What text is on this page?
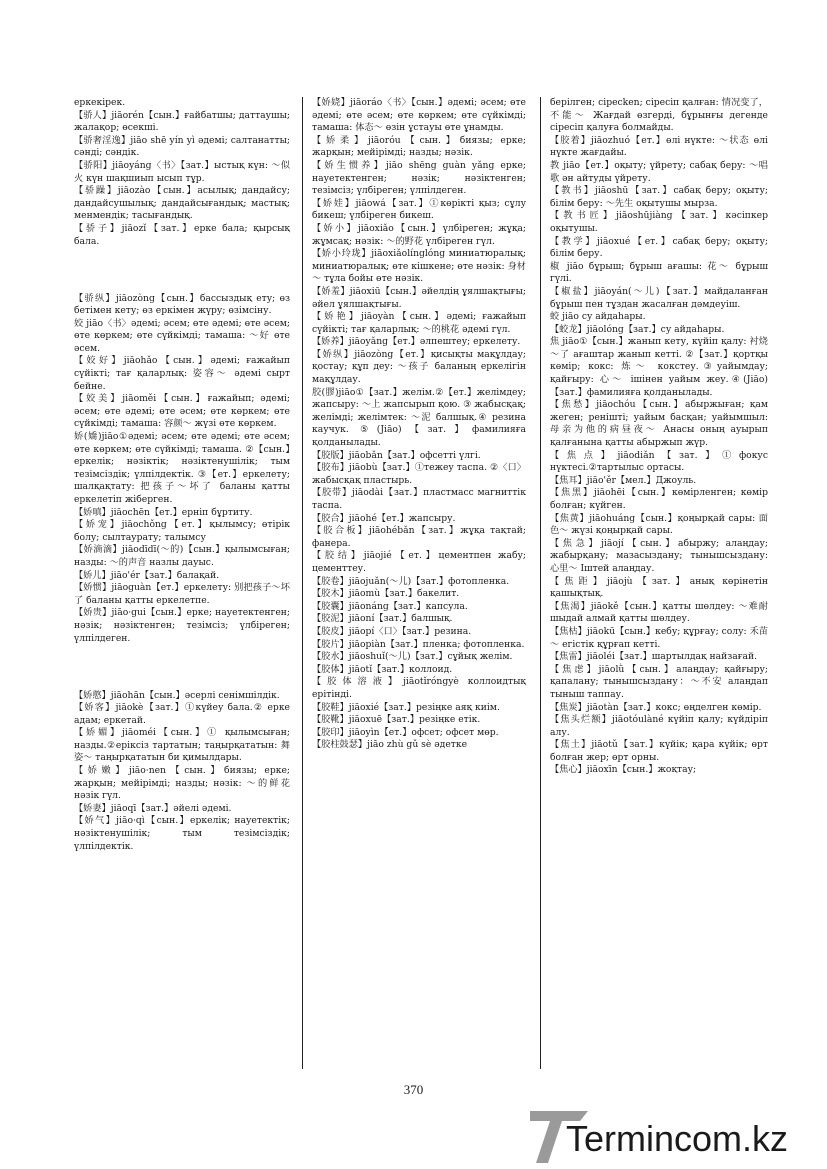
еркекірек.

【骄人】jiāorén【сын.】ғайбатшы; даттаушы; жалақор; өсекші.

【骄奢淫逸】jiāo shē yín yì әдемі; салтанатты; сәнді; сәндік.

【骄阳】jiāoyáng〈书〉【зат.】ыстық күн: ～似火 күн шақшиып ысып тұр.

【骄躁】jiāozào【сын.】асылық; дандайсу; дандайсушылық; дандайсығандық; мастық; менмендік; тасығандық.

【骄子】jiāozǐ【зат.】ерке бала; қырсық бала.

【骄纵】jiāozòng【сын.】бассыздық ету; өз бетімен кету; өз еркімен жүру; өзімсіну.

姣 jiāo〈书〉әдемі; әсем; өте әдемі; өте әсем; өте көркем; өте сүйкімді; тамаша: ～好 өте әсем.

【姣好】jiāohǎo【сын.】әдемі; ғажайып сүйікті; тағ қаларлық: 姿容～ әдемі сырт бейне.

【姣美】jiāoměi【сын.】ғажайып; әдемі; әсем; өте әдемі; өте әсем; өте көркем; өте сүйкімді; тамаша: 容颜～ жүзі өте көркем.

娇(嬌)jiāo①әдемі; әсем; өте әдемі; өте әсем; өте көркем; өте сүйкімді; тамаша. ②【сын.】еркелік; нәзіктік; нәзіктенушілік; тым тезімсіздік; үлпілдектік. ③【ет.】еркелету; шалқақтату: 把孩子～坏了 баланы қатты еркелетіп жіберген.

【娇嗔】jiāochēn【ет.】ерніп бұртиту.

【娇宠】jiāochǒng【ет.】қылымсу; өтірік болу; сылтаурату; талымсу

【娇滴滴】jiāodīdī(～的)【сын.】қылымсыған; назды: ～的声音 назлы дауыс.

【娇儿】jiāo'ér【зат.】балақай.

【娇惯】jiāoguàn【ет.】еркелету: 别把孩子～坏了 баланы қатты еркелетпе.

【娇贵】jiāo·gui【сын.】ерке; науетектенген; нәзік; нәзіктенген; тезімсіз; үлбіреген; үлпілдеген.

【娇憨】jiāohān【сын.】әсерлі сенімшілдік.

【娇客】jiāokè【зат.】①күйеу бала.② ерке адам; еркетай.

【娇媚】jiāoméi【сын.】① қылымсыған; назды.②еріксіз тартатын; таңырқататын: 舞姿～ таңырқататын би қимылдары.

【娇嫩】jiāo·nen【сын.】биязы; ерке; жарқын; мейірімді; назды; нәзік: ～的鲜花 нәзік гүл.

【娇妻】jiāoqī【зат.】әйелі әдемі.

【娇气】jiāo·qì【сын.】еркелік; науетектік; нәзіктенушілік; тым тезімсіздік; үлпілдектік.

【娇娆】jiāoráo〈书〉【сын.】әдемі; әсем; өте әдемі; өте әсем; өте көркем; өте сүйкімді; тамаша: 体态～ өзін ұстауы өте ұнамды.

【娇柔】jiāoróu【сын.】биязы; ерке; жарқын; мейірімді; назды; нәзік.

【娇生惯养】jiāo shēng guàn yǎng ерке; науетектенген; нәзік; нәзіктенген; тезімсіз; үлбіреген; үлпілдеген.

【娇娃】jiāowá【зат.】①көрікті қыз; сұлу бикеш; үлбіреген бикеш.

【娇小】jiāoxiǎo【сын.】үлбіреген; жұқа; жұмсақ; нәзік: ～的野花 үлбіреген гүл.

【娇小玲珑】jiāoxiǎolínglóng миниатюралық; миниатюралық; өте кішкене; өте нәзік: 身材～ тұла бойы өте нәзік.

【娇羞】jiāoxiū【сын.】әйелдің ұялшақтығы; әйел ұялшақтығы.

【娇艳】jiāoyàn【сын.】әдемі; ғажайып сүйікті; тағ қаларлық: ～的桃花 әдемі гүл.

【娇养】jiāoyǎng【ет.】әлпештеу; еркелету.

【娇纵】jiāozòng【ет.】қисықты мақұлдау; қостау; құп деу: ～孩子 баланың еркелігін мақұлдау.

胶(膠)jiāo①【зат.】желім.②【ет.】желімдеу; жапсыру: ～上 жапсырып қою. ③ жабысқақ; желімді; желімтек: ～泥 балшық.④ резина каучук. ⑤(Jiāo)【зат.】фамилияға қолданылады.

【胶版】jiāobǎn【зат.】офсетті үлгі.

【胶布】jiāobù【зат.】①тежеу таспа. ②〈口〉жабысқақ пластырь.

【胶带】jiāodài【зат.】пластмасс магниттік таспа.

【胶合】jiāohé【ет.】жапсыру.

【胶合板】jiāohébǎn【зат.】жұқа тақтай; фанера.

【胶结】jiāojié【ет.】цементпен жабу; цементтеу.

【胶卷】jiāojuǎn(～儿)【зат.】фотопленка.

【胶木】jiāomù【зат.】бакелит.

【胶囊】jiāonáng【зат.】капсула.

【胶泥】jiāoní【зат.】балшық.

【胶皮】jiāopí〈口〉【зат.】резина.

【胶片】jiāopiàn【зат.】пленка; фотопленка.

【胶水】jiāoshuǐ(～儿)【зат.】сұйық желім.

【胶体】jiāotǐ【зат.】коллоид.

【胶体溶液】jiāotǐróngyè коллоидтық ерітінді.

【胶鞋】jiāoxié【зат.】резіңке аяқ киім.

【胶靴】jiāoxuē【зат.】резіңке етік.

【胶印】jiāoyìn【ет.】офсет; офсет мөр.

【胶柱鼓瑟】jiāo zhù gǔ sè әдетке

берілген; сіресken; сіресіп қалған: 情况变了，不能～ Жағдай өзгерді, бұрынғы дегенде сіресіп қалуға болмайды.

【胶着】jiāozhuó【ет.】өлі нүкте: ～状态 өлі нүкте жағдайы.

教 jiāo【ет.】оқыту; үйрету; сабақ беру: ～唱歌 ән айтуды үйрету.

【教书】jiāoshū【зат.】сабақ беру; оқыту; білім беру: ～先生 оқытушы мырза.

【教书匠】jiāoshūjiàng【зат.】кәсіпкер оқытушы.

【教学】jiāoxué【ет.】сабақ беру; оқыту; білім беру.

椒 jiāo бұрыш; бұрыш ағашы: 花～ бұрыш гүлі.

【椒盐】jiāoyán(～儿)【зат.】майдаланған бұрыш пен тұздан жасалған дәмдеуіш.

蛟 jiāo су айдаһары.

【蛟龙】jiāolóng【зат.】су айдаһары.

焦 jiāo①【сын.】жанып кету, күйіп қалу: 衬烧～了 ағаштар жанып кетті. ②【зат.】қортқы көмір; кокс: 炼～ кокстеу.③уайымдау; қайғыру: 心～ ішінен уайым жеу.④(Jiāo)【зат.】фамилияға қолданылады.

【焦愁】jiāochóu【сын.】абыржыған; қам жеген; реніштi; уайым басқан; уайымшыл: 母亲为他的病昼夜～ Анасы оның ауырып қалғанына қатты абыржып жүр.

【焦点】jiāodiǎn【зат.】①фокус нүктесі.②тартылыс ортасы.

【焦耳】jiāo'ěr【мел.】Джоуль.

【焦黑】jiāohēi【сын.】көмірленген; көмір болған; күйген.

【焦黄】jiāohuáng【сын.】қоңырқай сары: 面色～ жүзі қоңырқай сары.

【焦急】jiāojí【сын.】абыржу; алаңдау; жабырқану; мазасыздану; тынышсыздану: 心里～ Іштей алаңдау.

【焦距】jiāojù【зат.】анық көрінетін қашықтық.

【焦渴】jiāokě【сын.】қатты шөлдеу: ～难耐 шыдай алмай қатты шөлдеу.

【焦枯】jiāokū【сын.】кебу; құрғау; солу: 禾苗～ егістік құрғап кетті.

【焦雷】jiāoléi【зат.】шартылдақ найзағай.

【焦虑】jiāolǜ【сын.】алаңдау; қайғыру; қапалану; тынышсыздану：～不安 алаңдап тыныш таппау.

【焦炭】jiāotàn【зат.】кокс; өңделген көмір.

【焦头烂额】jiāotóulàné күйіп қалу; күйдіріп алу.

【焦土】jiāotǔ【зат.】күйік; қара күйік; өрт болған жер; өрт орны.

【焦心】jiāoxīn【сын.】жоқтау;

370
Termincom.kz
